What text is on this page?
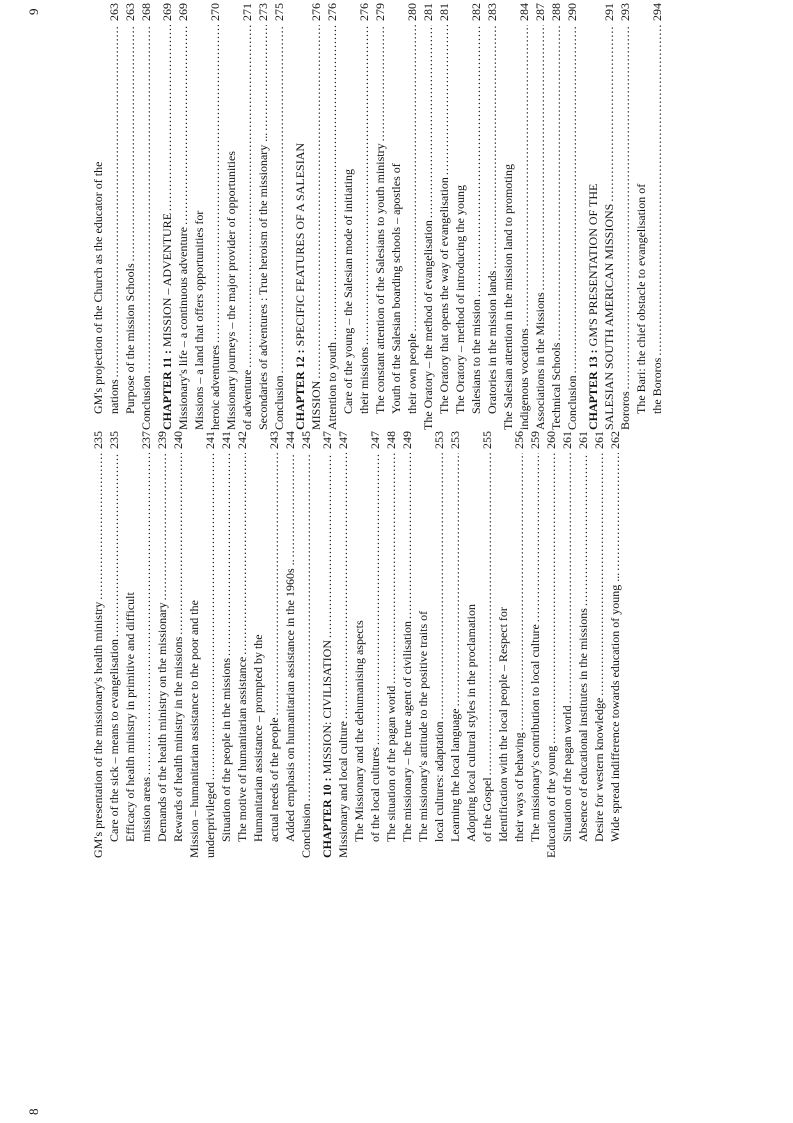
8
9
GM's presentation of the missionary's health ministry
.....
235
Care of the sick – means to evangelisation
.....
235
Efficacy of health ministry in primitive and difficult mission areas
.....
237
Demands of the health ministry on the missionary
.....
239
Rewards of health ministry in the missions
.....
240
Mission – humanitarian assistance to the poor and the underprivileged
.....
241
Situation of the people in the missions
.....
241
The motive of humanitarian assistance
.....
242
Humanitarian assistance – prompted by the actual needs of the people
.....
243
Added emphasis on humanitarian assistance in the 1960s ..
.....
244
Conclusion
.....
245
CHAPTER 10 : MISSION: CIVILISATION
.....
247
Missionary and local culture
.....
247
The Missionary and the dehumanising aspects of the local cultures
.....
247
The situation of the pagan world
.....
248
The missionary – the true agent of civilisation
.....
249
The missionary's attitude to the positive traits of local cultures: adaptation
.....
253
Learning the local language
.....
253
Adopting local cultural styles in the proclamation of the Gospel
.....
255
Identification with the local people – Respect for their ways of behaving
.....
256
The missionary's contribution to local culture
.....
259
Education of the young
.....
260
Situation of the pagan world
.....
261
Absence of educational institutes in the missions
.....
261
Desire for western knowledge
.....
261
Wide spread indifference towards education of young ...
.....
262
GM's projection of the Church as the educator of the nations
.....
263
Purpose of the mission Schools
.....
263
Conclusion
.....
268
CHAPTER 11 : MISSION – ADVENTURE
.....
269
Missionary's life – a continuous adventure
.....
269
Missions – a land that offers opportunities for heroic adventures
.....
270
Missionary journeys – the major provider of opportunities of adventure
.....
271
Secondaries of adventures : True heroism of the missionary ...
.....
273
Conclusion
.....
275
CHAPTER 12 : SPECIFIC FEATURES OF A SALESIAN
MISSION
.....
276
Attention to youth
.....
276
Care of the young – the Salesian mode of initiating their missions
.....
276
The constant attention of the Salesians to youth ministry
.....
279
Youth of the Salesian boarding schools – apostles of their own people
.....
280
The Oratory – the method of evangelisation
.....
281
The Oratory that opens the way of evangelisation
.....
281
The Oratory – method of introducing the young Salesians to the mission
.....
282
Oratories in the mission lands
.....
283
The Salesian attention in the mission land to promoting indigenous vocations
.....
284
Associations in the Missions
.....
287
Technical Schools
.....
288
Conclusion
.....
290
CHAPTER 13 : GM'S PRESENTATION OF THE SALESIAN SOUTH AMERICAN MISSIONS
.....
291
Bororos
.....
293
The Bari: the chief obstacle to evangelisation of the Bororos
.....
294
